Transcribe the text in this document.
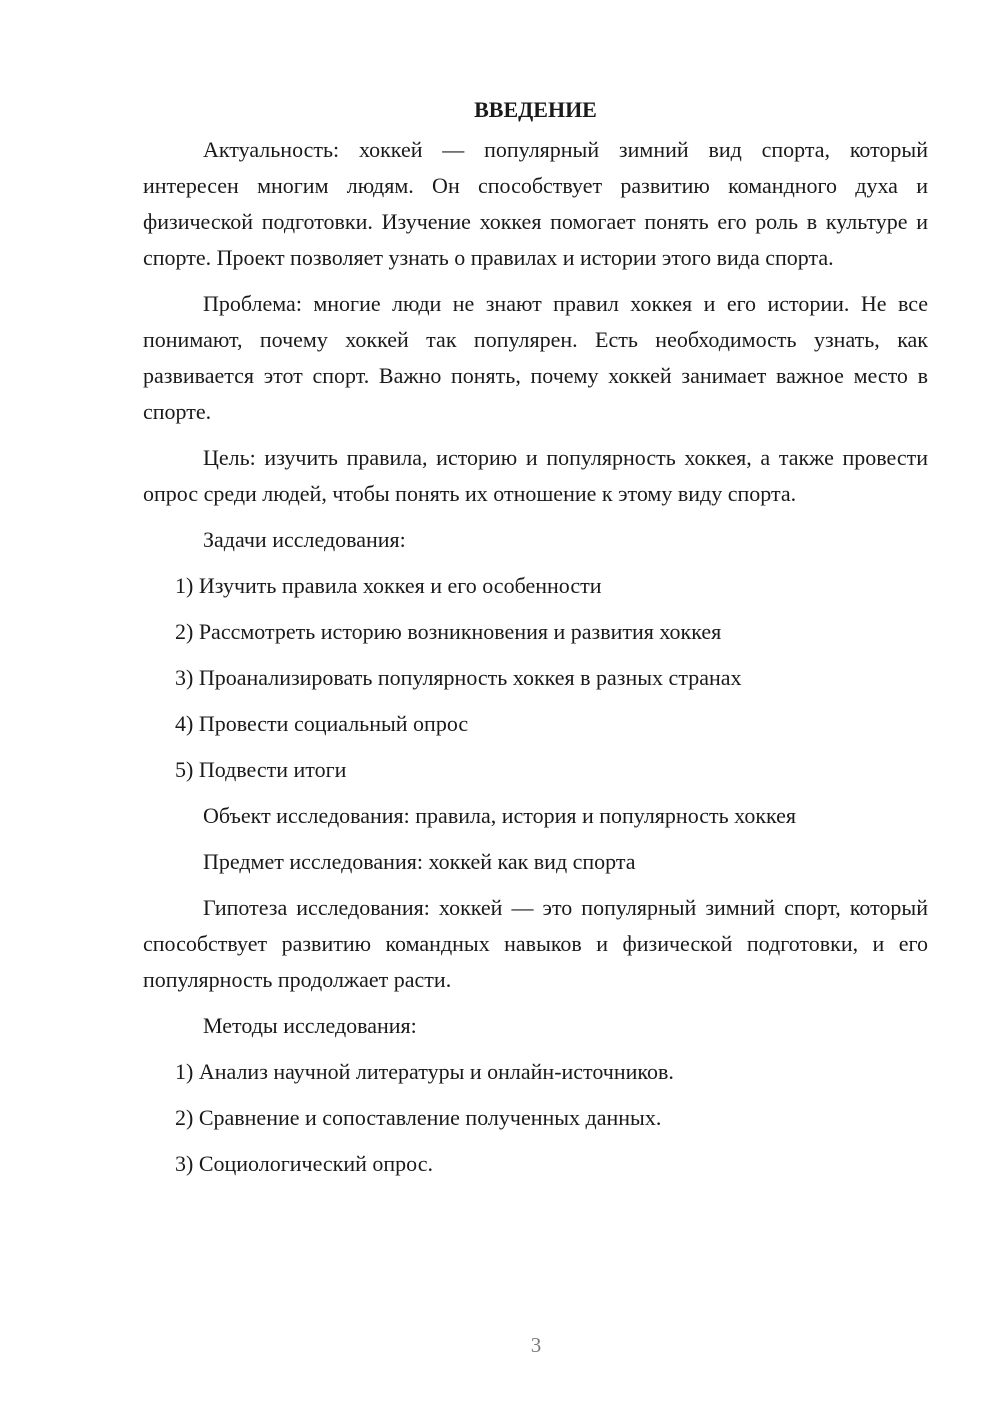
ВВЕДЕНИЕ

Актуальность: хоккей — популярный зимний вид спорта, который интересен многим людям. Он способствует развитию командного духа и физической подготовки. Изучение хоккея помогает понять его роль в культуре и спорте. Проект позволяет узнать о правилах и истории этого вида спорта.

Проблема: многие люди не знают правил хоккея и его истории. Не все понимают, почему хоккей так популярен. Есть необходимость узнать, как развивается этот спорт. Важно понять, почему хоккей занимает важное место в спорте.

Цель: изучить правила, историю и популярность хоккея, а также провести опрос среди людей, чтобы понять их отношение к этому виду спорта.

Задачи исследования:

1) Изучить правила хоккея и его особенности
2) Рассмотреть историю возникновения и развития хоккея
3) Проанализировать популярность хоккея в разных странах
4) Провести социальный опрос
5) Подвести итоги

Объект исследования: правила, история и популярность хоккея

Предмет исследования: хоккей как вид спорта

Гипотеза исследования: хоккей — это популярный зимний спорт, который способствует развитию командных навыков и физической подготовки, и его популярность продолжает расти.

Методы исследования:

1) Анализ научной литературы и онлайн-источников.
2) Сравнение и сопоставление полученных данных.
3) Социологический опрос.
3
